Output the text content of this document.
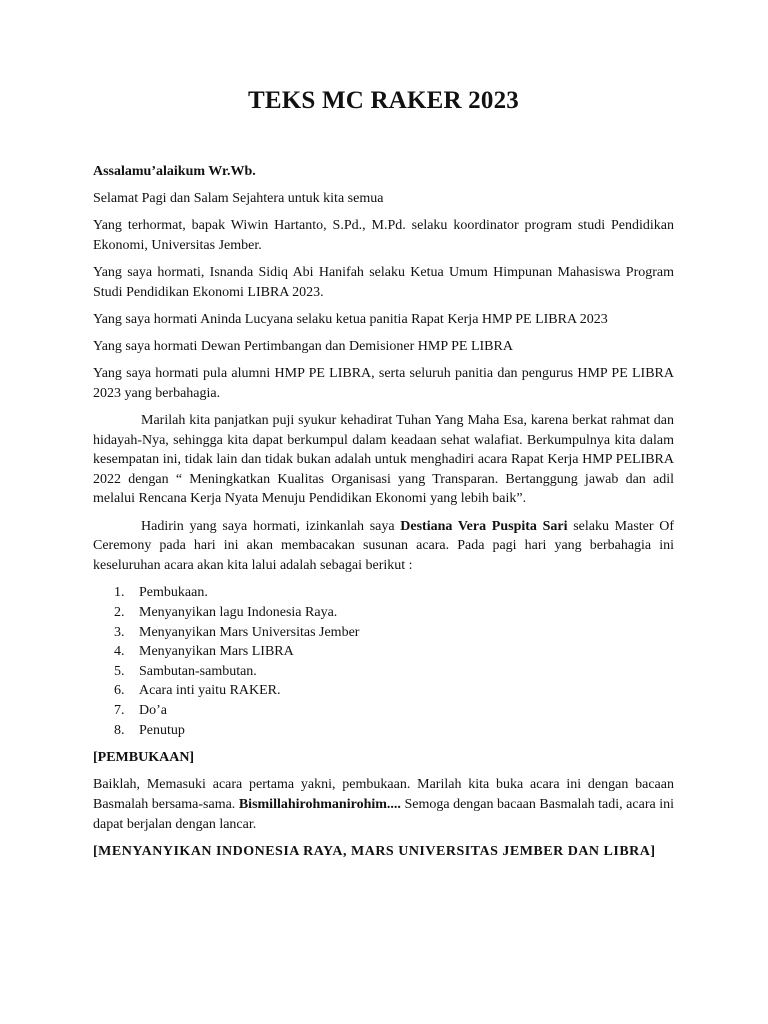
TEKS MC RAKER 2023

Assalamu’alaikum Wr.Wb.

Selamat Pagi dan Salam Sejahtera untuk kita semua

Yang terhormat, bapak Wiwin Hartanto, S.Pd., M.Pd. selaku koordinator program studi Pendidikan Ekonomi, Universitas Jember.

Yang saya hormati, Isnanda Sidiq Abi Hanifah selaku Ketua Umum Himpunan Mahasiswa Program Studi Pendidikan Ekonomi LIBRA 2023.

Yang saya hormati Aninda Lucyana selaku ketua panitia Rapat Kerja HMP PE LIBRA 2023

Yang saya hormati Dewan Pertimbangan dan Demisioner HMP PE LIBRA

Yang saya hormati pula alumni HMP PE LIBRA, serta seluruh panitia dan pengurus HMP PE LIBRA 2023 yang berbahagia.

Marilah kita panjatkan puji syukur kehadirat Tuhan Yang Maha Esa, karena berkat rahmat dan hidayah-Nya, sehingga kita dapat berkumpul dalam keadaan sehat walafiat. Berkumpulnya kita dalam kesempatan ini, tidak lain dan tidak bukan adalah untuk menghadiri acara Rapat Kerja HMP PELIBRA 2022 dengan “ Meningkatkan Kualitas Organisasi yang Transparan. Bertanggung jawab dan adil melalui Rencana Kerja Nyata Menuju Pendidikan Ekonomi yang lebih baik”.

Hadirin yang saya hormati, izinkanlah saya Destiana Vera Puspita Sari selaku Master Of Ceremony pada hari ini akan membacakan susunan acara. Pada pagi hari yang berbahagia ini keseluruhan acara akan kita lalui adalah sebagai berikut :

1. Pembukaan.
2. Menyanyikan lagu Indonesia Raya.
3. Menyanyikan Mars Universitas Jember
4. Menyanyikan Mars LIBRA
5. Sambutan-sambutan.
6. Acara inti yaitu RAKER.
7. Do’a
8. Penutup

[PEMBUKAAN]

Baiklah, Memasuki acara pertama yakni, pembukaan. Marilah kita buka acara ini dengan bacaan Basmalah bersama-sama. Bismillahirohmanirohim.... Semoga dengan bacaan Basmalah tadi, acara ini dapat berjalan dengan lancar.

[MENYANYIKAN INDONESIA RAYA, MARS UNIVERSITAS JEMBER DAN LIBRA]
